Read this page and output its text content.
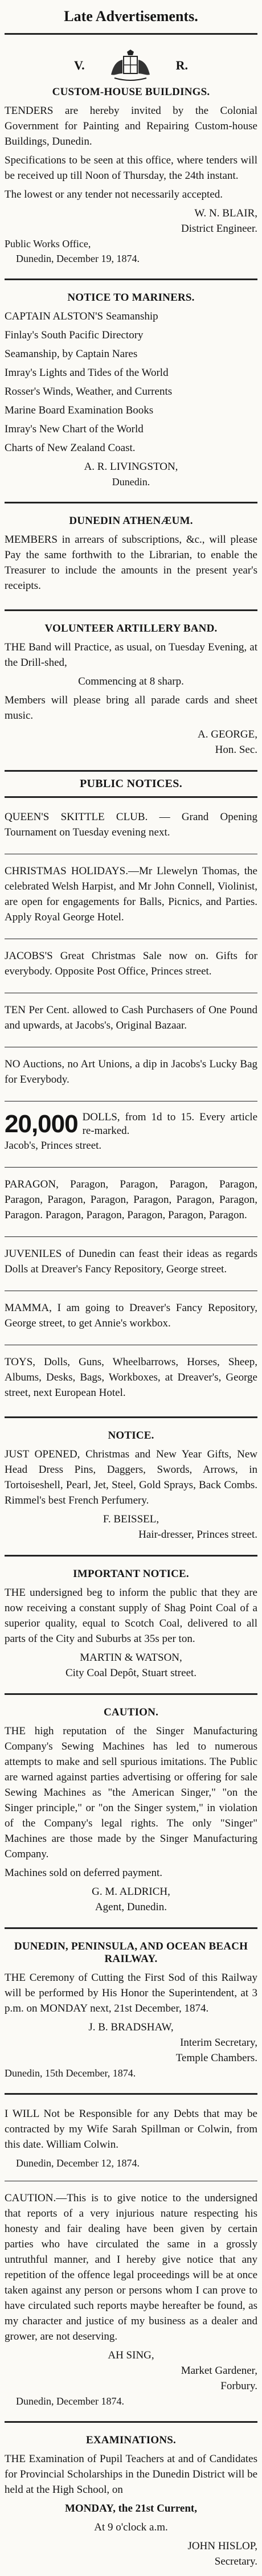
Late Advertisements.
V.	R.
CUSTOM-HOUSE BUILDINGS.

TENDERS are hereby invited by the Colonial Government for Painting and Repairing Custom-house Buildings, Dunedin.

Specifications to be seen at this office, where tenders will be received up till Noon of Thursday, the 24th instant.

The lowest or any tender not necessarily accepted.

W. N. BLAIR,

District Engineer.

Public Works Office,

Dunedin, December 19, 1874.

NOTICE TO MARINERS.

CAPTAIN ALSTON'S Seamanship

Finlay's South Pacific Directory

Seamanship, by Captain Nares

Imray's Lights and Tides of the World

Rosser's Winds, Weather, and Currents

Marine Board Examination Books

Imray's New Chart of the World

Charts of New Zealand Coast.

A. R. LIVINGSTON,

Dunedin.

DUNEDIN ATHENÆUM.

MEMBERS in arrears of subscriptions, &c., will please Pay the same forthwith to the Librarian, to enable the Treasurer to include the amounts in the present year's receipts.

VOLUNTEER ARTILLERY BAND.

THE Band will Practice, as usual, on Tuesday Evening, at the Drill-shed,

Commencing at 8 sharp.

Members will please bring all parade cards and sheet music.

A. GEORGE,

Hon. Sec.

PUBLIC NOTICES.

QUEEN'S SKITTLE CLUB. — Grand Opening Tournament on Tuesday evening next.

CHRISTMAS HOLIDAYS.—Mr Llewelyn Thomas, the celebrated Welsh Harpist, and Mr John Connell, Violinist, are open for engagements for Balls, Picnics, and Parties. Apply Royal George Hotel.

JACOBS'S Great Christmas Sale now on. Gifts for everybody. Opposite Post Office, Princes street.

TEN Per Cent. allowed to Cash Purchasers of One Pound and upwards, at Jacobs's, Original Bazaar.

NO Auctions, no Art Unions, a dip in Jacobs's Lucky Bag for Everybody.

20,000 DOLLS, from 1d to 15. Every article re-marked.

Jacob's, Princes street.

PARAGON, Paragon, Paragon, Paragon, Paragon, Paragon, Paragon, Paragon, Paragon, Paragon, Paragon, Paragon. Paragon, Paragon, Paragon, Paragon, Paragon.

JUVENILES of Dunedin can feast their ideas as regards Dolls at Dreaver's Fancy Repository, George street.

MAMMA, I am going to Dreaver's Fancy Repository, George street, to get Annie's workbox.

TOYS, Dolls, Guns, Wheelbarrows, Horses, Sheep, Albums, Desks, Bags, Workboxes, at Dreaver's, George street, next European Hotel.

NOTICE.

JUST OPENED, Christmas and New Year Gifts, New Head Dress Pins, Daggers, Swords, Arrows, in Tortoiseshell, Pearl, Jet, Steel, Gold Sprays, Back Combs. Rimmel's best French Perfumery.

F. BEISSEL,

Hair-dresser, Princes street.

IMPORTANT NOTICE.

THE undersigned beg to inform the public that they are now receiving a constant supply of Shag Point Coal of a superior quality, equal to Scotch Coal, delivered to all parts of the City and Suburbs at 35s per ton.

MARTIN & WATSON,

City Coal Depôt, Stuart street.

CAUTION.

THE high reputation of the Singer Manufacturing Company's Sewing Machines has led to numerous attempts to make and sell spurious imitations. The Public are warned against parties advertising or offering for sale Sewing Machines as "the American Singer," "on the Singer principle," or "on the Singer system," in violation of the Company's legal rights. The only "Singer" Machines are those made by the Singer Manufacturing Company.

Machines sold on deferred payment.

G. M. ALDRICH,

Agent, Dunedin.

DUNEDIN, PENINSULA, AND OCEAN BEACH RAILWAY.

THE Ceremony of Cutting the First Sod of this Railway will be performed by His Honor the Superintendent, at 3 p.m. on MONDAY next, 21st December, 1874.

J. B. BRADSHAW,

Interim Secretary,

Temple Chambers.

Dunedin, 15th December, 1874.

I WILL Not be Responsible for any Debts that may be contracted by my Wife Sarah Spillman or Colwin, from this date. William Colwin.

Dunedin, December 12, 1874.

CAUTION.—This is to give notice to the undersigned that reports of a very injurious nature respecting his honesty and fair dealing have been given by certain parties who have circulated the same in a grossly untruthful manner, and I hereby give notice that any repetition of the offence legal proceedings will be at once taken against any person or persons whom I can prove to have circulated such reports maybe hereafter be found, as my character and justice of my business as a dealer and grower, are not deserving.

AH SING,

Market Gardener,

Forbury.

Dunedin, December 1874.

EXAMINATIONS.

THE Examination of Pupil Teachers at and of Candidates for Provincial Scholarships in the Dunedin District will be held at the High School, on

MONDAY, the 21st Current,

At 9 o'clock a.m.

JOHN HISLOP,

Secretary.
